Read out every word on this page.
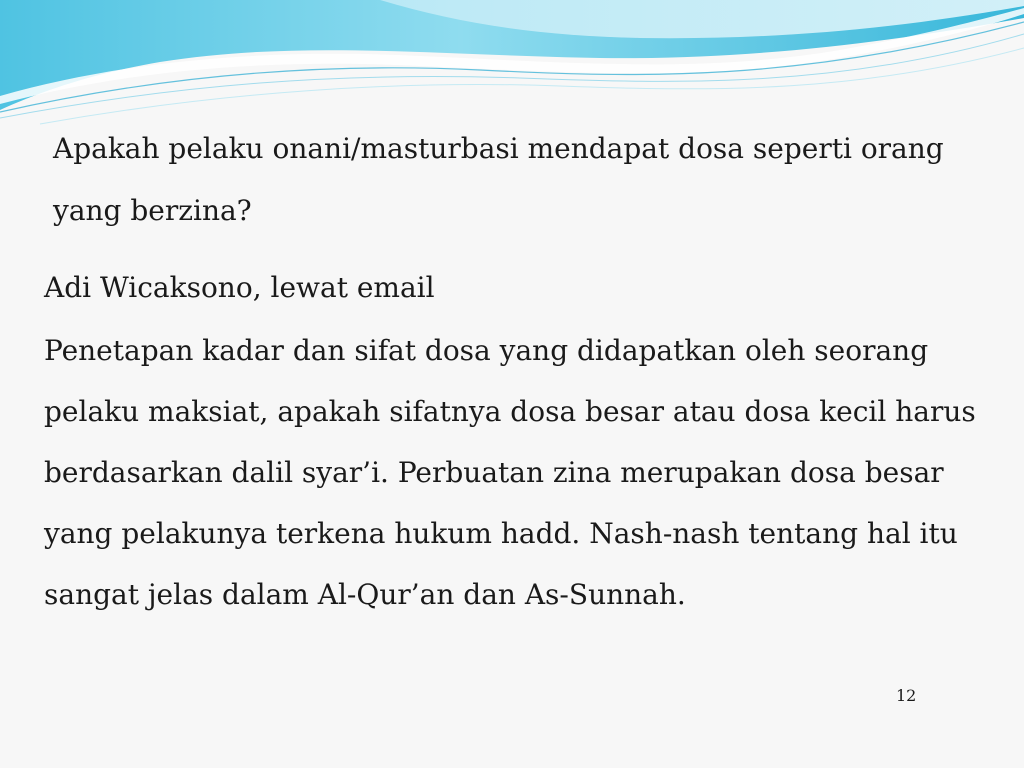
Apakah pelaku onani/masturbasi mendapat dosa seperti orang yang berzina?

Adi Wicaksono, lewat email

Penetapan kadar dan sifat dosa yang didapatkan oleh seorang pelaku maksiat, apakah sifatnya dosa besar atau dosa kecil harus berdasarkan dalil syar’i. Perbuatan zina merupakan dosa besar yang pelakunya terkena hukum hadd. Nash-nash tentang hal itu sangat jelas dalam Al-Qur’an dan As-Sunnah.

12
